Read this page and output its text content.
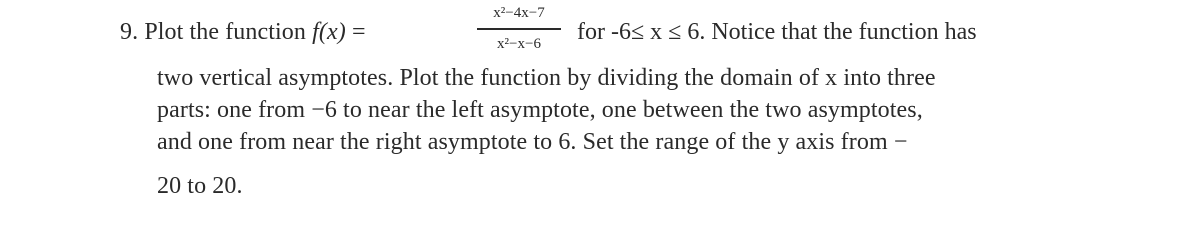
9. Plot the function f(x) =
x²−4x−7
x²−x−6	for -6≤ x ≤ 6. Notice that the function has
two vertical asymptotes. Plot the function by dividing the domain of x into three
parts: one from −6 to near the left asymptote, one between the two asymptotes,
and one from near the right asymptote to 6. Set the range of the y axis from −
20 to 20.
